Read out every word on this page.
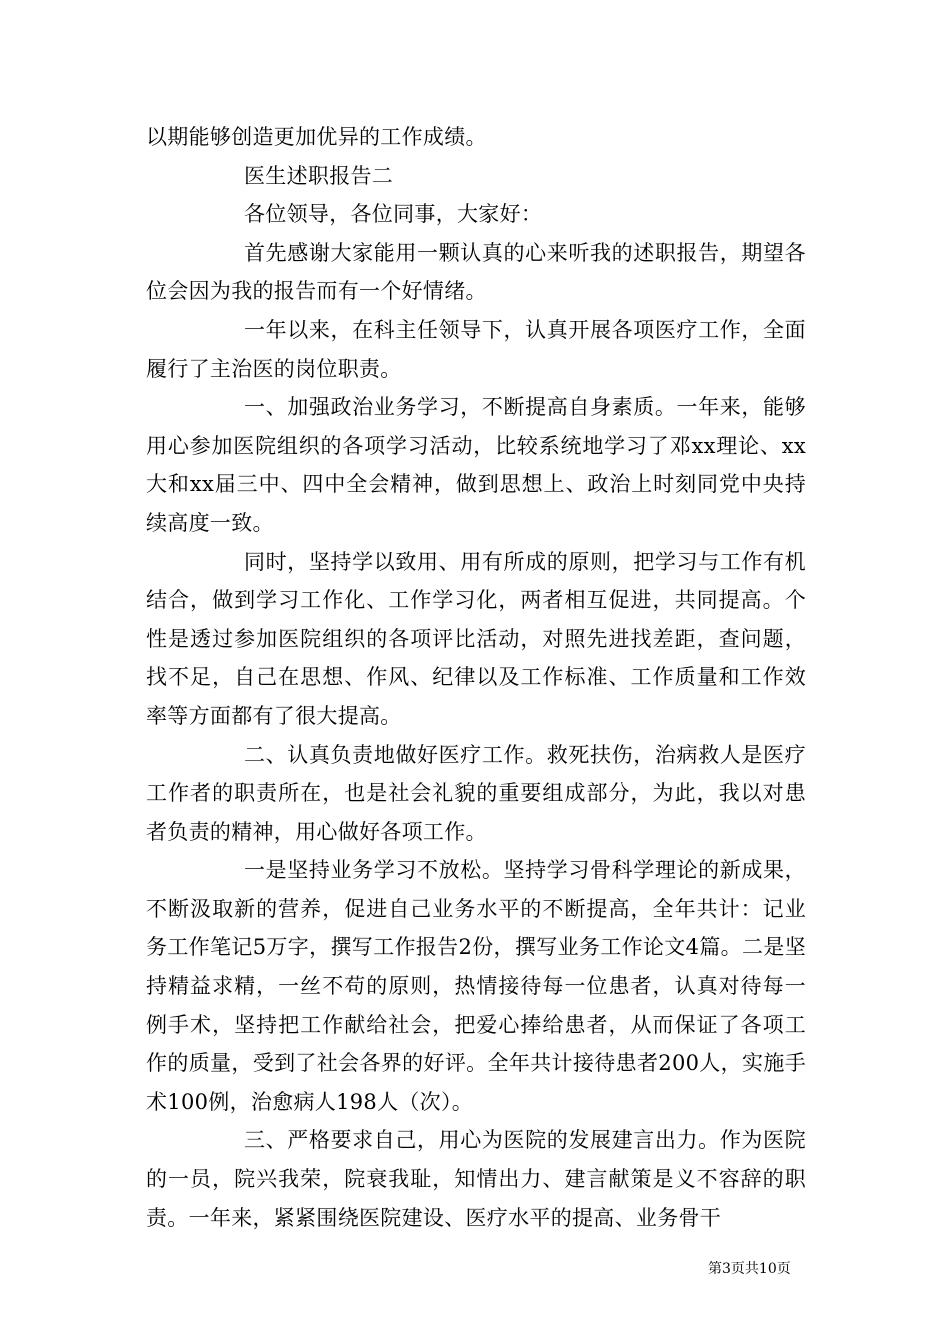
以期能够创造更加优异的工作成绩。

医生述职报告二

各位领导，各位同事，大家好：

首先感谢大家能用一颗认真的心来听我的述职报告，期望各位会因为我的报告而有一个好情绪。

一年以来，在科主任领导下，认真开展各项医疗工作，全面履行了主治医的岗位职责。

一、加强政治业务学习，不断提高自身素质。一年来，能够用心参加医院组织的各项学习活动，比较系统地学习了邓xx理论、xx大和xx届三中、四中全会精神，做到思想上、政治上时刻同党中央持续高度一致。

同时，坚持学以致用、用有所成的原则，把学习与工作有机结合，做到学习工作化、工作学习化，两者相互促进，共同提高。个性是透过参加医院组织的各项评比活动，对照先进找差距，查问题，找不足，自己在思想、作风、纪律以及工作标准、工作质量和工作效率等方面都有了很大提高。

二、认真负责地做好医疗工作。救死扶伤，治病救人是医疗工作者的职责所在，也是社会礼貌的重要组成部分，为此，我以对患者负责的精神，用心做好各项工作。

一是坚持业务学习不放松。坚持学习骨科学理论的新成果，不断汲取新的营养，促进自己业务水平的不断提高，全年共计：记业务工作笔记5万字，撰写工作报告2份，撰写业务工作论文4篇。二是坚持精益求精，一丝不苟的原则，热情接待每一位患者，认真对待每一例手术，坚持把工作献给社会，把爱心捧给患者，从而保证了各项工作的质量，受到了社会各界的好评。全年共计接待患者200人，实施手术100例，治愈病人198人（次）。

三、严格要求自己，用心为医院的发展建言出力。作为医院的一员，院兴我荣，院衰我耻，知情出力、建言献策是义不容辞的职责。一年来，紧紧围绕医院建设、医疗水平的提高、业务骨干

第3页共10页
